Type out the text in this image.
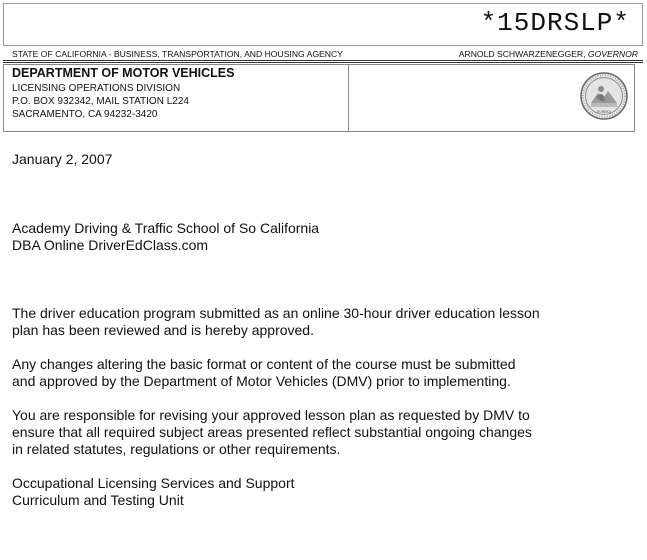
*15DRSLP*
STATE OF CALIFORNIA - BUSINESS, TRANSPORTATION, AND HOUSING AGENCY	ARNOLD SCHWARZENEGGER, GOVERNOR
DEPARTMENT OF MOTOR VEHICLES
LICENSING OPERATIONS DIVISION
P.O. BOX 932342, MAIL STATION L224
SACRAMENTO, CA 94232-3420	EUREKA
January 2, 2007
Academy Driving & Traffic School of So California
DBA Online DriverEdClass.com
The driver education program submitted as an online 30-hour driver education lesson
plan has been reviewed and is hereby approved.
Any changes altering the basic format or content of the course must be submitted
and approved by the Department of Motor Vehicles (DMV) prior to implementing.
You are responsible for revising your approved lesson plan as requested by DMV to
ensure that all required subject areas presented reflect substantial ongoing changes
in related statutes, regulations or other requirements.
Occupational Licensing Services and Support
Curriculum and Testing Unit
